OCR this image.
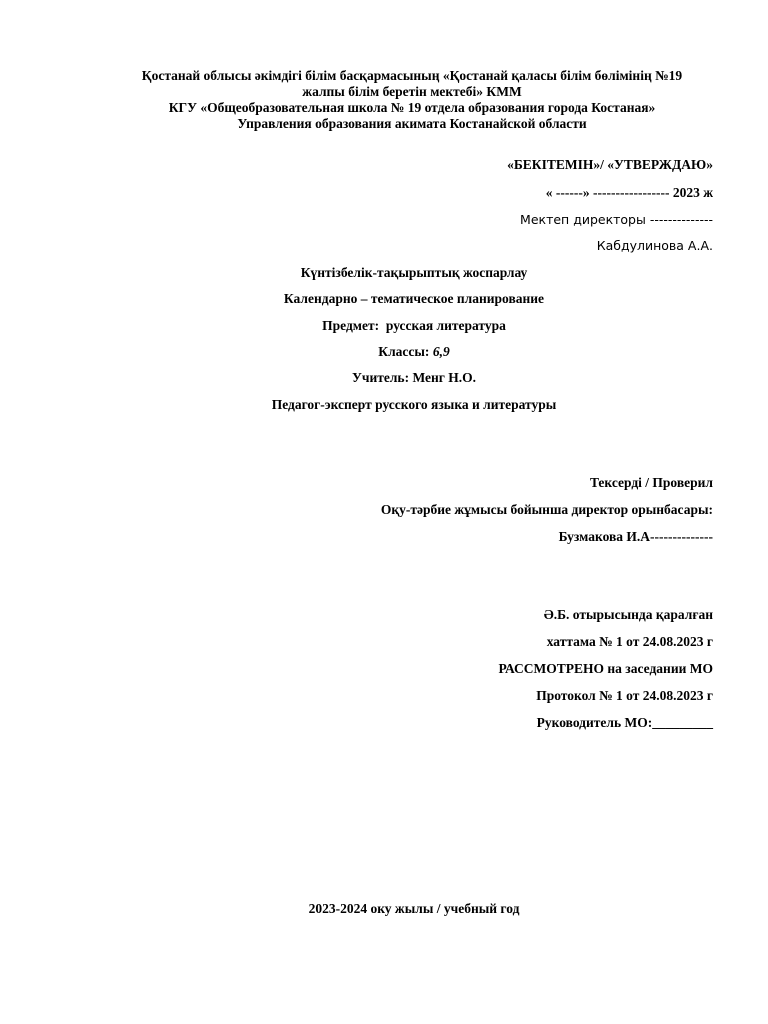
Қостанай облысы әкімдігі білім басқармасының «Қостанай қаласы білім бөлімінің №19
жалпы білім беретін мектебі» КММ
КГУ «Общеобразовательная школа № 19 отдела образования города Костаная»
Управления образования акимата Костанайской области
«БЕКІТЕМІН»/ «УТВЕРЖДАЮ»
« ------» ----------------- 2023 ж
Мектеп директоры --------------
Кабдулинова А.А.
Күнтізбелік-тақырыптық жоспарлау
Календарно – тематическое планирование
Предмет: русская литература
Классы: 6,9
Учитель: Менг Н.О.
Педагог-эксперт русского языка и литературы
Тексерді / Проверил
Оқу-тәрбие жұмысы бойынша директор орынбасары:
Бузмакова И.А--------------
Ә.Б. отырысында қаралған
хаттама № 1 от 24.08.2023 г
РАССМОТРЕНО на заседании МО
Протокол № 1 от 24.08.2023 г
Руководитель МО:_________
2023-2024 оку жылы / учебный год
